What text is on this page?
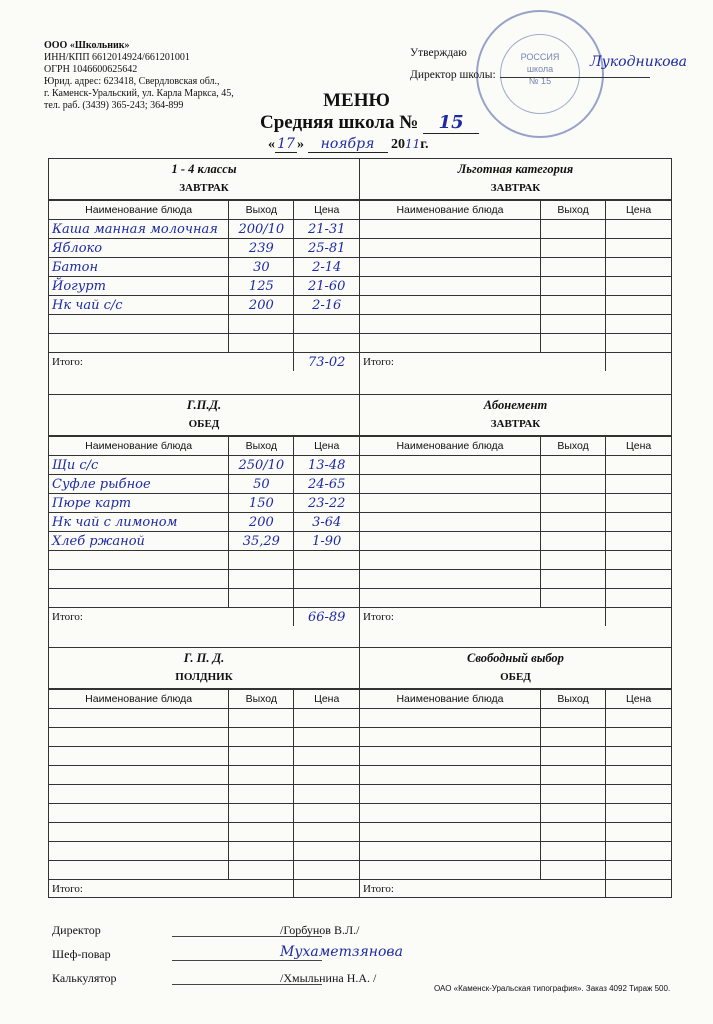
ООО «Школьник»
ИНН/КПП 6612014924/661201001
ОГРН 1046600625642
Юрид. адрес: 623418, Свердловская обл.,
г. Каменск-Уральский, ул. Карла Маркса, 45,
тел. раб. (3439) 365-243; 364-899
РОССИЯ
школа
№ 15
Утверждаю
Директор школы:
Лукодникова
МЕНЮ
Средняя школа № 15
« 17 » ноября 2011г.
1 - 4 классы
ЗАВТРАК
Наименование блюда	Выход	Цена
Каша манная молочная	200/10	21-31
Яблоко	239	25-81
Батон	30	2-14
Йогурт	125	21-60
Нк чай с/с	200	2-16

Итого:		73-02
Льготная категория
ЗАВТРАК
Наименование блюда	Выход	Цена

Итого:		
Г.П.Д.
ОБЕД
Наименование блюда	Выход	Цена
Щи с/с	250/10	13-48
Суфле рыбное	50	24-65
Пюре карт	150	23-22
Нк чай с лимоном	200	3-64
Хлеб ржаной	35,29	1-90

Итого:		66-89
Абонемент
ЗАВТРАК
Наименование блюда	Выход	Цена

Итого:		
Г. П. Д.
ПОЛДНИК
Наименование блюда	Выход	Цена

Итого:		
Свободный выбор
ОБЕД
Наименование блюда	Выход	Цена

Итого:		
Директор	/Горбунов В.Л./
Шеф-повар	Мухаметзянова
Калькулятор	/Хмыльнина Н.А. /
ОАО «Каменск-Уральская типография». Заказ 4092 Тираж 500.
